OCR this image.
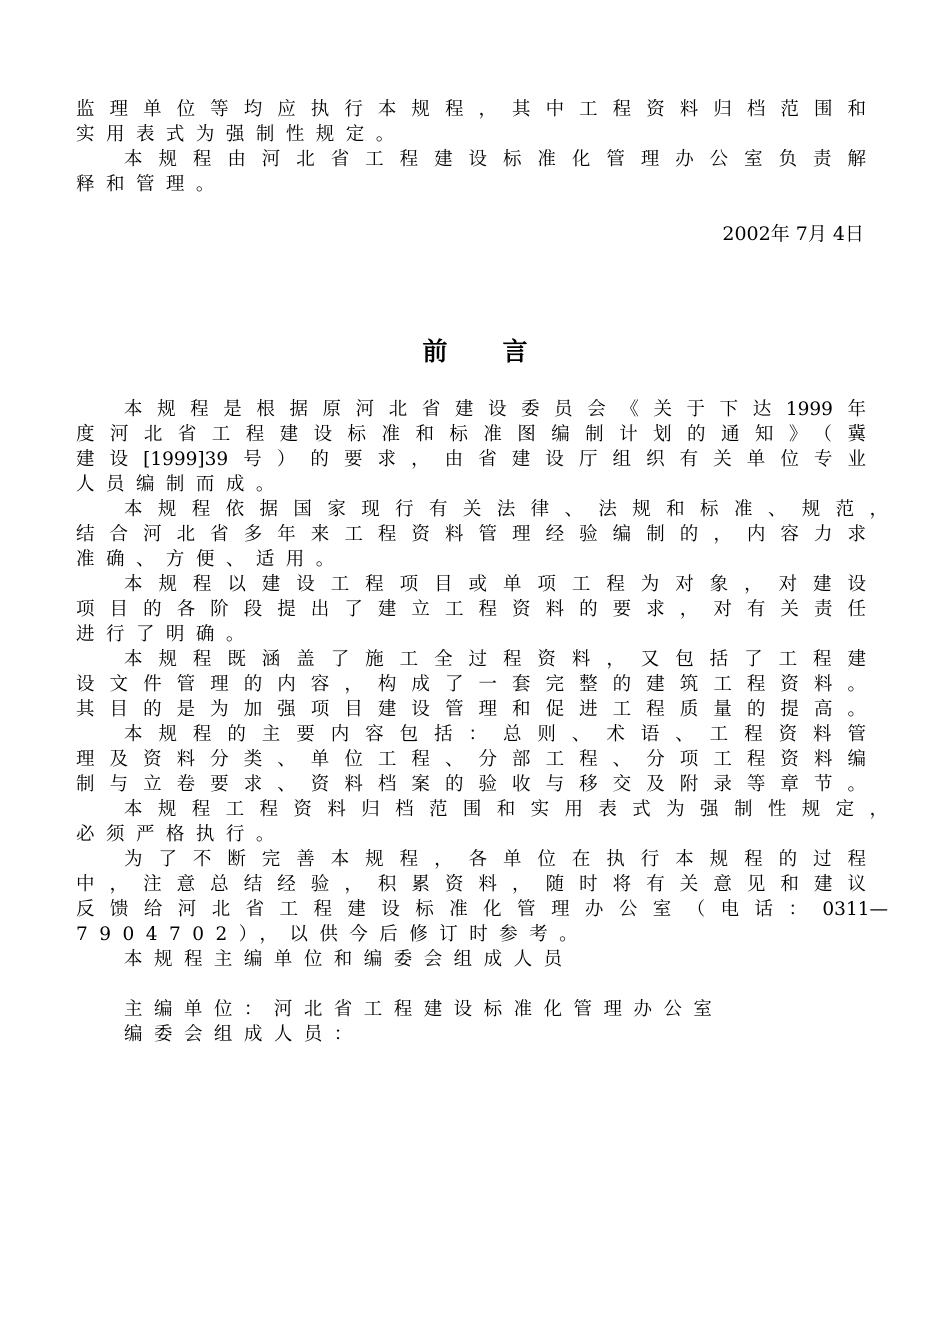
监理单位等均应执行本规程，其中工程资料归档范围和
实用表式为强制性规定。
本规程由河北省工程建设标准化管理办公室负责解
释和管理。
2002年 7月 4日
前言
本规程是根据原河北省建设委员会《关于下达1999年
度河北省工程建设标准和标准图编制计划的通知》（冀
建设[1999]39号）的要求，由省建设厅组织有关单位专业
人员编制而成。
本规程依据国家现行有关法律、法规和标准、规范，
结合河北省多年来工程资料管理经验编制的，内容力求
准确、方便、适用。
本规程以建设工程项目或单项工程为对象，对建设
项目的各阶段提出了建立工程资料的要求，对有关责任
进行了明确。
本规程既涵盖了施工全过程资料，又包括了工程建
设文件管理的内容，构成了一套完整的建筑工程资料。
其目的是为加强项目建设管理和促进工程质量的提高。
本规程的主要内容包括：总则、术语、工程资料管
理及资料分类、单位工程、分部工程、分项工程资料编
制与立卷要求、资料档案的验收与移交及附录等章节。
本规程工程资料归档范围和实用表式为强制性规定，
必须严格执行。
为了不断完善本规程，各单位在执行本规程的过程
中，注意总结经验，积累资料，随时将有关意见和建议
反馈给河北省工程建设标准化管理办公室（电话：0311—
7904702），以供今后修订时参考。
本规程主编单位和编委会组成人员
主编单位：河北省工程建设标准化管理办公室
编委会组成人员：
